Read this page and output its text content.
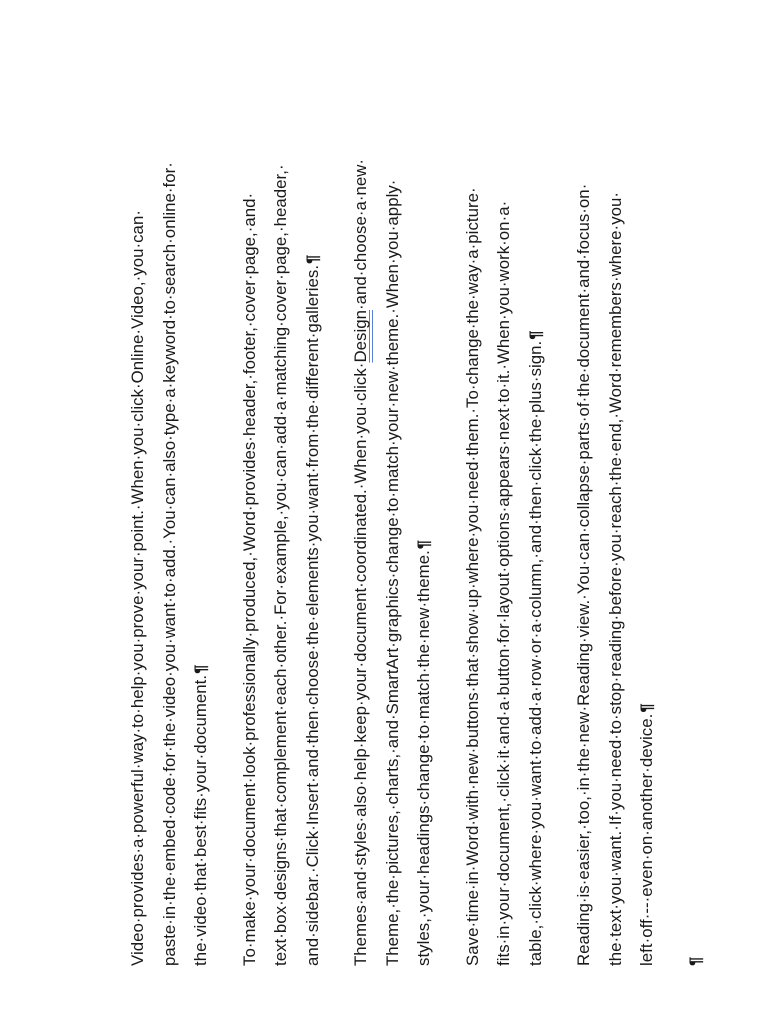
Video·provides·a·powerful·way·to·help·you·prove·your·point.·When·you·click·Online·Video,·you·can· paste·in·the·embed·code·for·the·video·you·want·to·add.·You·can·also·type·a·keyword·to·search·online·for· the·video·that·best·fits·your·document.¶	To·make·your·document·look·professionally·produced,·Word·provides·header,·footer,·cover·page,·and· text·box·designs·that·complement·each·other.·For·example,·you·can·add·a·matching·cover·page,·header,· and·sidebar.·Click·Insert·and·then·choose·the·elements·you·want·from·the·different·galleries.¶

Themes·and·styles·also·help·keep·your·document·coordinated.·When·you·click·Design·and·choose·a·new· Theme,·the·pictures,·charts,·and·SmartArt·graphics·change·to·match·your·new·theme.·When·you·apply· styles,·your·headings·change·to·match·the·new·theme.¶	Save·time·in·Word·with·new·buttons·that·show·up·where·you·need·them.·To·change·the·way·a·picture· fits·in·your·document,·click·it·and·a·button·for·layout·options·appears·next·to·it.·When·you·work·on·a· table,·click·where·you·want·to·add·a·row·or·a·column,·and·then·click·the·plus·sign.¶	Reading·is·easier,·too,·in·the·new·Reading·view.·You·can·collapse·parts·of·the·document·and·focus·on· the·text·you·want.·If·you·need·to·stop·reading·before·you·reach·the·end,·Word·remembers·where·you· left·off·--·even·on·another·device.¶

¶
